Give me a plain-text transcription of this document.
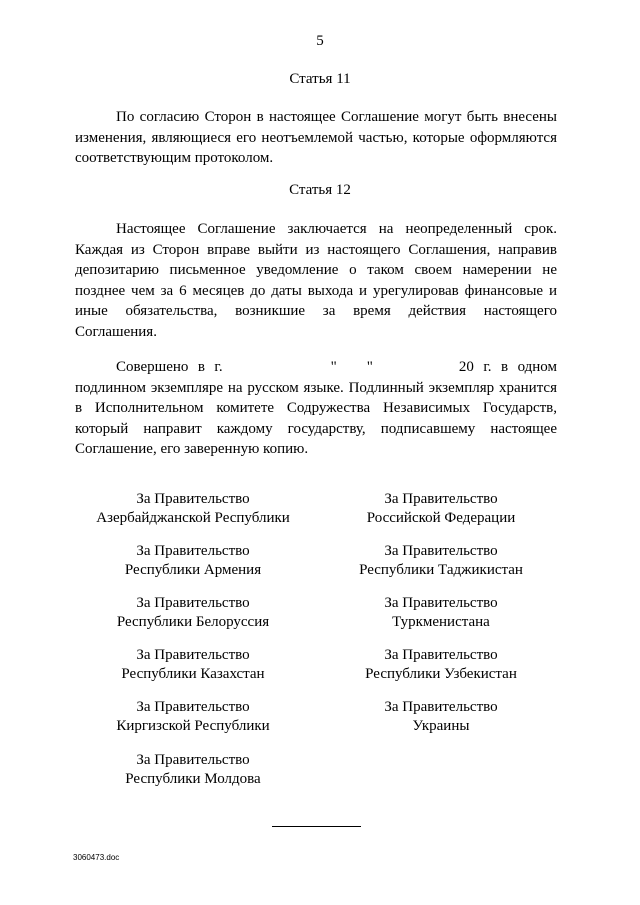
5
Статья 11

По согласию Сторон в настоящее Соглашение могут быть внесены изменения, являющиеся его неотъемлемой частью, которые оформляются соответствующим протоколом.

Статья 12

Настоящее Соглашение заключается на неопределенный срок. Каждая из Сторон вправе выйти из настоящего Соглашения, направив депозитарию письменное уведомление о таком своем намерении не позднее чем за 6 месяцев до даты выхода и урегулировав финансовые и иные обязательства, возникшие за время действия настоящего Соглашения.

Совершено в г.	" "	20 г. в одном подлинном экземпляре на русском языке. Подлинный экземпляр хранится в Исполнительном комитете Содружества Независимых Государств, который направит каждому государству, подписавшему настоящее Соглашение, его заверенную копию.
За Правительство
Азербайджанской Республики
За Правительство
Республики Армения
За Правительство
Республики Белоруссия
За Правительство
Республики Казахстан
За Правительство
Киргизской Республики
За Правительство
Республики Молдова
За Правительство
Российской Федерации
За Правительство
Республики Таджикистан
За Правительство
Туркменистана
За Правительство
Республики Узбекистан
За Правительство
Украины
3060473.doc
